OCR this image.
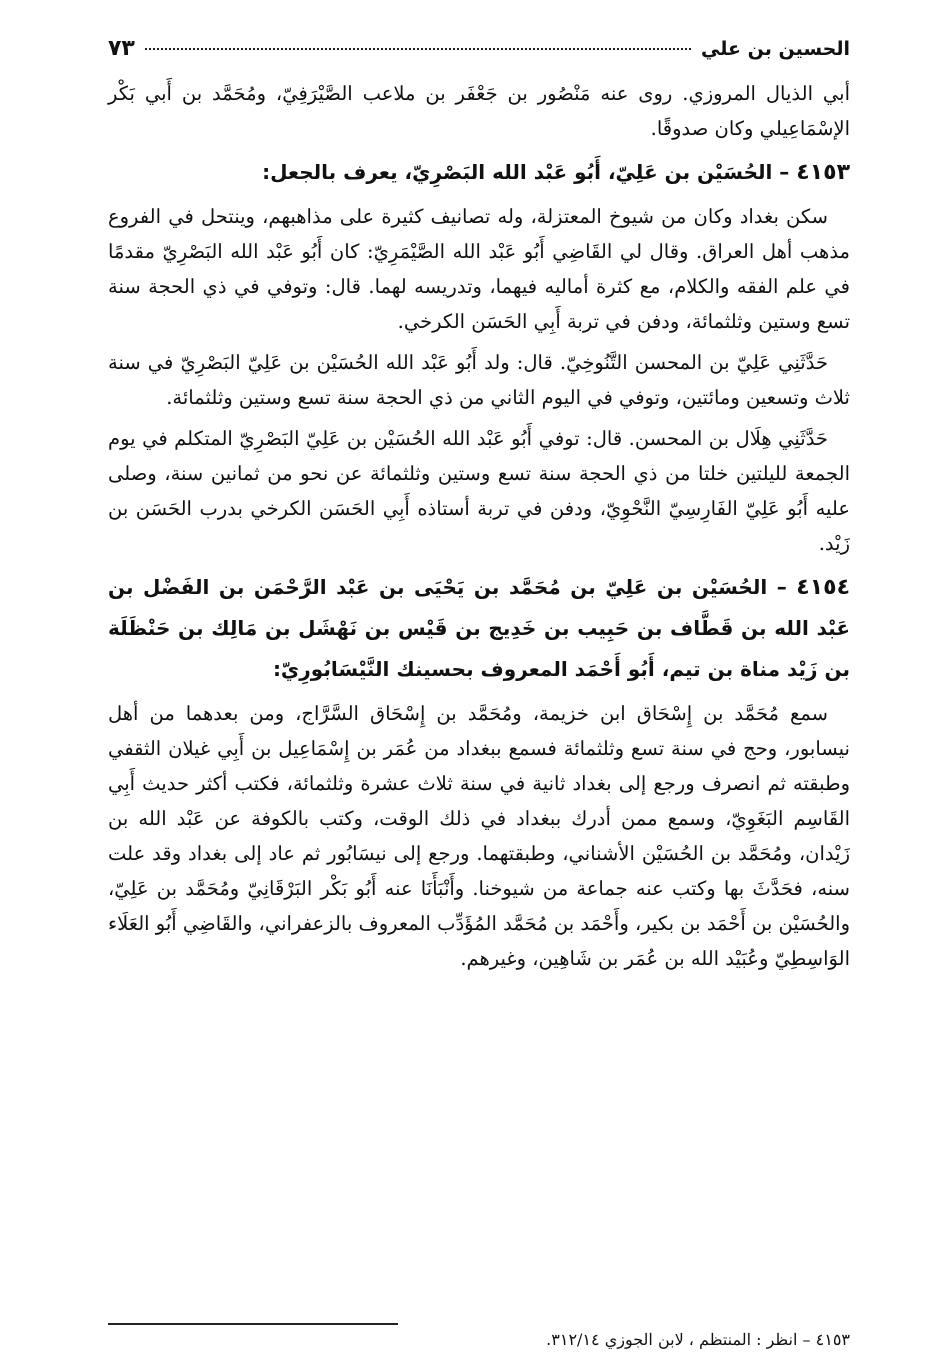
الحسين بن علي
٧٣

أبي الذيال المروزي. روى عنه مَنْصُور بن جَعْفَر بن ملاعب الصَّيْرَفِيّ، ومُحَمَّد بن أَبي بَكْر الإسْمَاعِيلي وكان صدوقًا.

٤١٥٣ – الحُسَيْن بن عَلِيّ، أَبُو عَبْد الله البَصْرِيّ، يعرف بالجعل:

سكن بغداد وكان من شيوخ المعتزلة، وله تصانيف كثيرة على مذاهبهم، وينتحل في الفروع مذهب أهل العراق. وقال لي القَاضِي أَبُو عَبْد الله الصَّيْمَرِيّ: كان أَبُو عَبْد الله البَصْرِيّ مقدمًا في علم الفقه والكلام، مع كثرة أماليه فيهما، وتدريسه لهما. قال: وتوفي في ذي الحجة سنة تسع وستين وثلثمائة، ودفن في تربة أَبِي الحَسَن الكرخي.

حَدَّثَنِي عَلِيّ بن المحسن التَّنُوخِيّ. قال: ولد أَبُو عَبْد الله الحُسَيْن بن عَلِيّ البَصْرِيّ في سنة ثلاث وتسعين ومائتين، وتوفي في اليوم الثاني من ذي الحجة سنة تسع وستين وثلثمائة.

حَدَّثَنِي هِلَال بن المحسن. قال: توفي أَبُو عَبْد الله الحُسَيْن بن عَلِيّ البَصْرِيّ المتكلم في يوم الجمعة لليلتين خلتا من ذي الحجة سنة تسع وستين وثلثمائة عن نحو من ثمانين سنة، وصلى عليه أَبُو عَلِيّ الفَارِسِيّ النَّحْوِيّ، ودفن في تربة أستاذه أَبِي الحَسَن الكرخي بدرب الحَسَن بن زَيْد.

٤١٥٤ – الحُسَيْن بن عَلِيّ بن مُحَمَّد بن يَحْيَى بن عَبْد الرَّحْمَن بن الفَضْل بن عَبْد الله بن قَطَّاف بن حَبِيب بن خَدِيج بن قَيْس بن نَهْشَل بن مَالِك بن حَنْظَلَة بن زَيْد مناة بن تيم، أَبُو أَحْمَد المعروف بحسينك النَّيْسَابُورِيّ:

سمع مُحَمَّد بن إِسْحَاق ابن خزيمة، ومُحَمَّد بن إِسْحَاق السَّرَّاج، ومن بعدهما من أهل نيسابور، وحج في سنة تسع وثلثمائة فسمع ببغداد من عُمَر بن إِسْمَاعِيل بن أَبِي غيلان الثقفي وطبقته ثم انصرف ورجع إلى بغداد ثانية في سنة ثلاث عشرة وثلثمائة، فكتب أكثر حديث أَبِي القَاسِم البَغَوِيّ، وسمع ممن أدرك ببغداد في ذلك الوقت، وكتب بالكوفة عن عَبْد الله بن زَيْدان، ومُحَمَّد بن الحُسَيْن الأشناني، وطبقتهما. ورجع إلى نيسَابُور ثم عاد إلى بغداد وقد علت سنه، فحَدَّثَ بها وكتب عنه جماعة من شيوخنا. وأَنْبَأَنَا عنه أَبُو بَكْر البَرْقَانِيّ ومُحَمَّد بن عَلِيّ، والحُسَيْن بن أَحْمَد بن بكير، وأَحْمَد بن مُحَمَّد المُؤَدِّب المعروف بالزعفراني، والقَاضِي أَبُو العَلَاء الوَاسِطِيّ وعُبَيْد الله بن عُمَر بن شَاهِين، وغيرهم.

٤١٥٣ – انظر : المنتظم ، لابن الجوزي ٣١٢/١٤.
